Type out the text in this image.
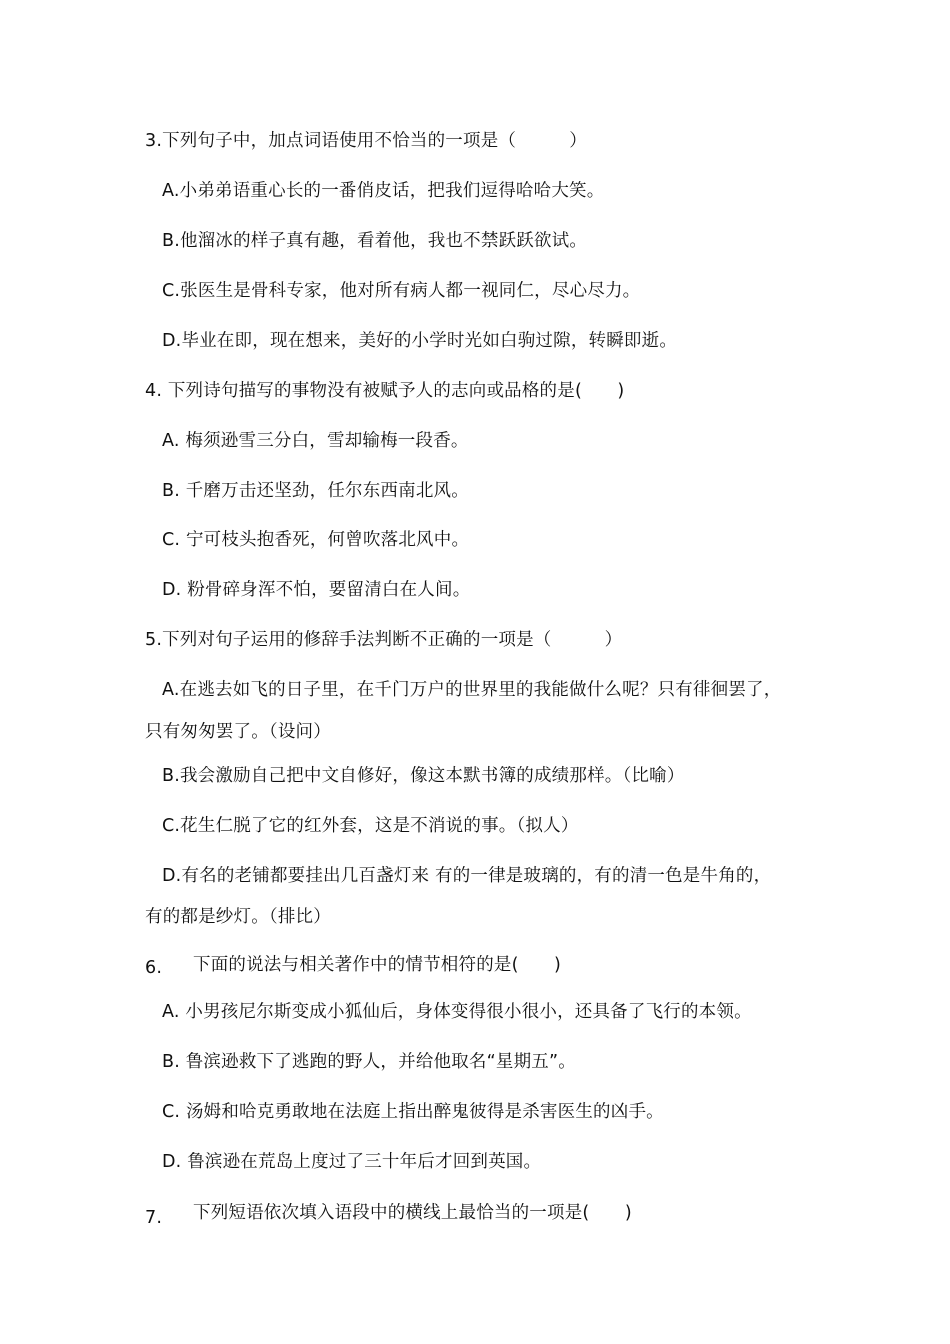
3.下列句子中，加点词语使用不恰当的一项是（　　　）
A.小弟弟语重心长的一番俏皮话，把我们逗得哈哈大笑。
B.他溜冰的样子真有趣，看着他，我也不禁跃跃欲试。
C.张医生是骨科专家，他对所有病人都一视同仁，尽心尽力。
D.毕业在即，现在想来，美好的小学时光如白驹过隙，转瞬即逝。
4. 下列诗句描写的事物没有被赋予人的志向或品格的是(　　)
A. 梅须逊雪三分白，雪却输梅一段香。
B. 千磨万击还坚劲，任尔东西南北风。
C. 宁可枝头抱香死，何曾吹落北风中。
D. 粉骨碎身浑不怕，要留清白在人间。
5.下列对句子运用的修辞手法判断不正确的一项是（　　　）
A.在逃去如飞的日子里，在千门万户的世界里的我能做什么呢？只有徘徊罢了，
只有匆匆罢了。（设问）
B.我会激励自己把中文自修好，像这本默书簿的成绩那样。（比喻）
C.花生仁脱了它的红外套，这是不消说的事。（拟人）
D.有名的老铺都要挂出几百盏灯来 有的一律是玻璃的，有的清一色是牛角的，
有的都是纱灯。（排比）
6. 下面的说法与相关著作中的情节相符的是(　　)
A. 小男孩尼尔斯变成小狐仙后，身体变得很小很小，还具备了飞行的本领。
B. 鲁滨逊救下了逃跑的野人，并给他取名“星期五”。
C. 汤姆和哈克勇敢地在法庭上指出醉鬼彼得是杀害医生的凶手。
D. 鲁滨逊在荒岛上度过了三十年后才回到英国。
7. 下列短语依次填入语段中的横线上最恰当的一项是(　　)
